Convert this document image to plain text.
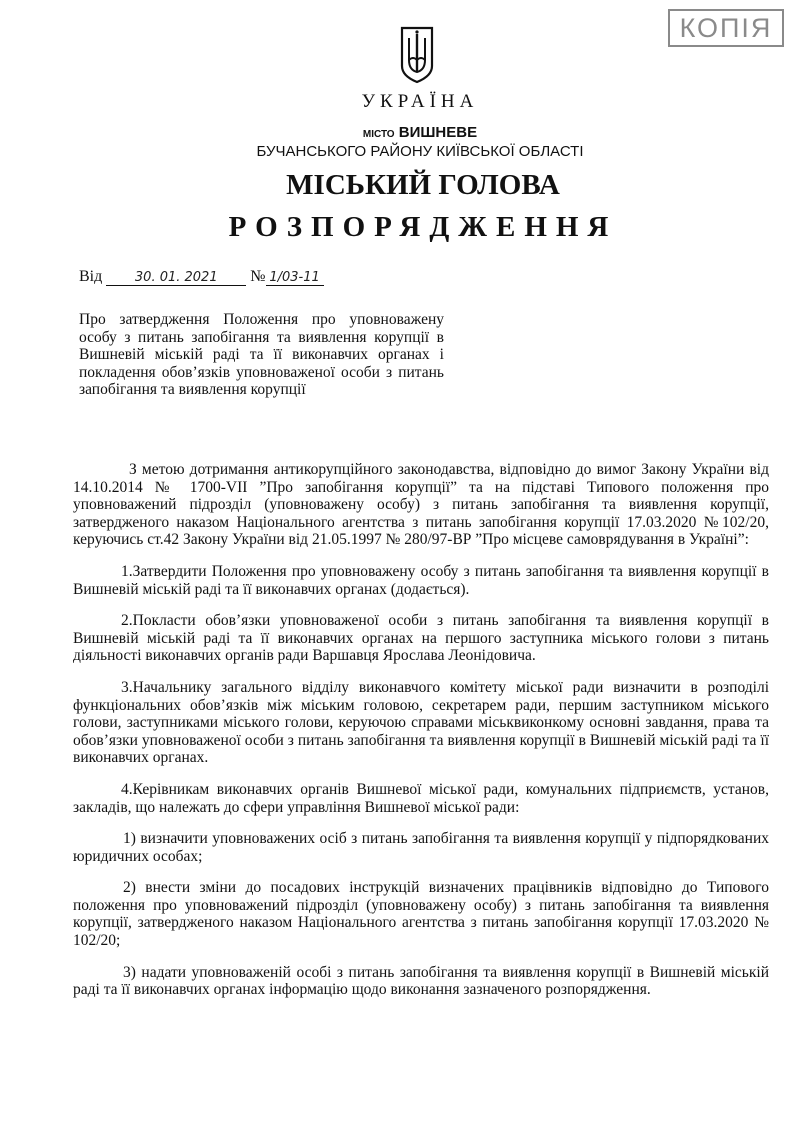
КОПІЯ
УКРАЇНА
МІСТО ВИШНЕВЕ
БУЧАНСЬКОГО РАЙОНУ КИЇВСЬКОЇ ОБЛАСТІ
МІСЬКИЙ ГОЛОВА
РОЗПОРЯДЖЕННЯ
Від	30. 01. 2021 № 1/03-11
Про затвердження Положення про уповноважену особу з питань запобігання та виявлення корупції в Вишневій міській раді та її виконавчих органах і покладення обов’язків уповноваженої особи з питань запобігання та виявлення корупції

З метою дотримання антикорупційного законодавства, відповідно до вимог Закону України від 14.10.2014 № 1700-VII ”Про запобігання корупції” та на підставі Типового положення про уповноважений підрозділ (уповноважену особу) з питань запобігання та виявлення корупції, затвердженого наказом Національного агентства з питань запобігання корупції 17.03.2020 №102/20, керуючись ст.42 Закону України від 21.05.1997 № 280/97-ВР ”Про місцеве самоврядування в Україні”:

1.Затвердити Положення про уповноважену особу з питань запобігання та виявлення корупції в Вишневій міській раді та її виконавчих органах (додається).

2.Покласти обов’язки уповноваженої особи з питань запобігання та виявлення корупції в Вишневій міській раді та її виконавчих органах на першого заступника міського голови з питань діяльності виконавчих органів ради Варшавця Ярослава Леонідовича.

3.Начальнику загального відділу виконавчого комітету міської ради визначити в розподілі функціональних обов’язків між міським головою, секретарем ради, першим заступником міського голови, заступниками міського голови, керуючою справами міськвиконкому основні завдання, права та обов’язки уповноваженої особи з питань запобігання та виявлення корупції в Вишневій міській раді та її виконавчих органах.

4.Керівникам виконавчих органів Вишневої міської ради, комунальних підприємств, установ, закладів, що належать до сфери управління Вишневої міської ради:

1) визначити уповноважених осіб з питань запобігання та виявлення корупції у підпорядкованих юридичних особах;

2) внести зміни до посадових інструкцій визначених працівників відповідно до Типового положення про уповноважений підрозділ (уповноважену особу) з питань запобігання та виявлення корупції, затвердженого наказом Національного агентства з питань запобігання корупції 17.03.2020 № 102/20;

3) надати уповноваженій особі з питань запобігання та виявлення корупції в Вишневій міській раді та її виконавчих органах інформацію щодо виконання зазначеного розпорядження.
